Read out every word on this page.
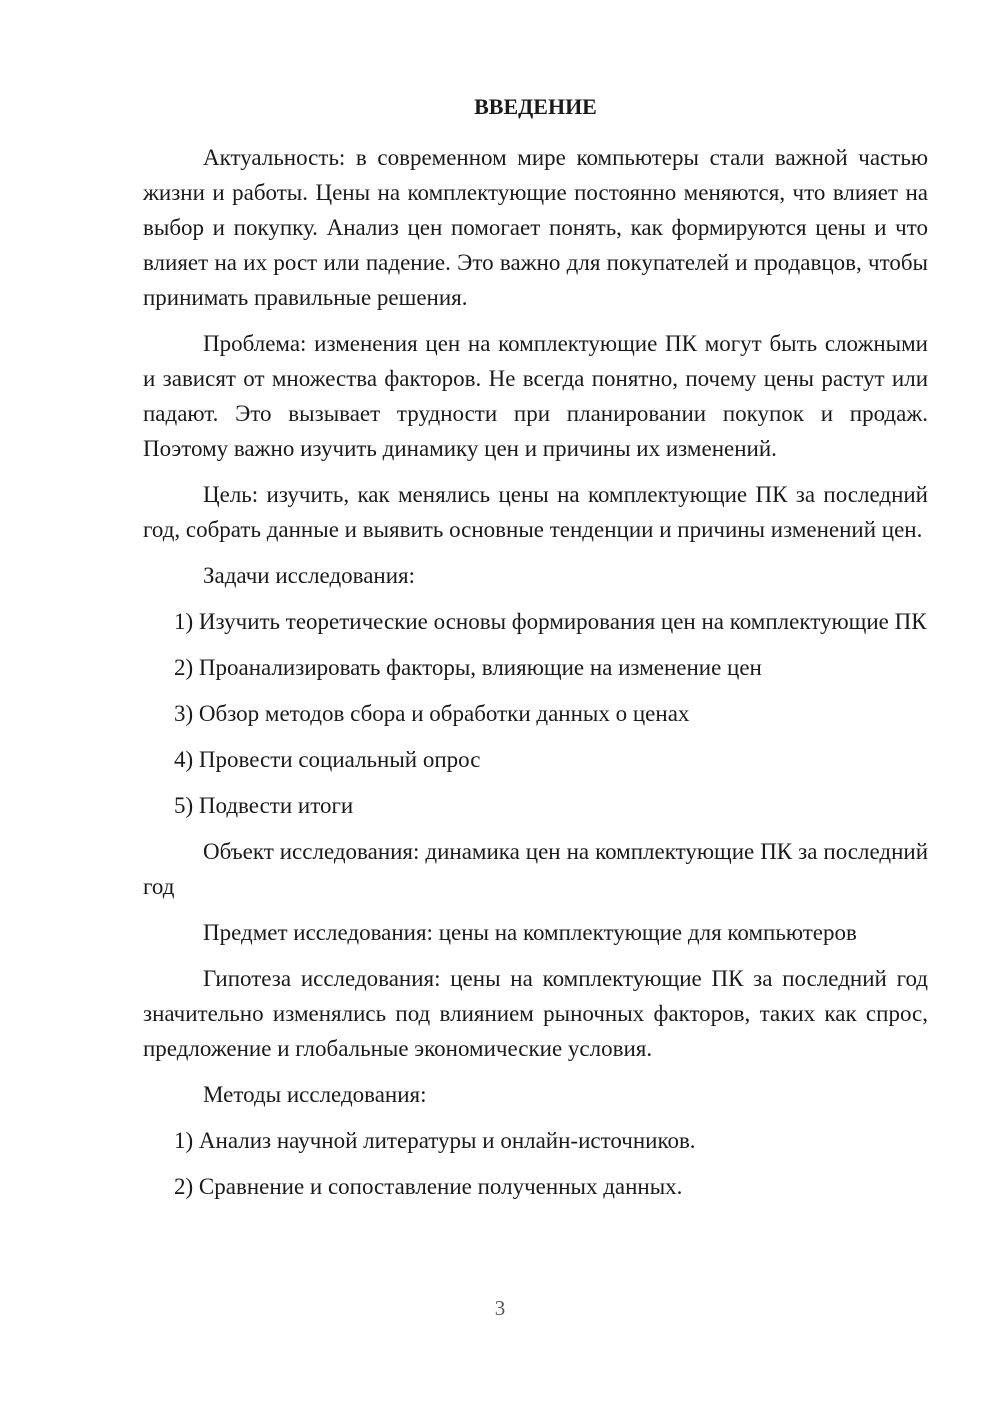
ВВЕДЕНИЕ

Актуальность: в современном мире компьютеры стали важной частью жизни и работы. Цены на комплектующие постоянно меняются, что влияет на выбор и покупку. Анализ цен помогает понять, как формируются цены и что влияет на их рост или падение. Это важно для покупателей и продавцов, чтобы принимать правильные решения.

Проблема: изменения цен на комплектующие ПК могут быть сложными и зависят от множества факторов. Не всегда понятно, почему цены растут или падают. Это вызывает трудности при планировании покупок и продаж. Поэтому важно изучить динамику цен и причины их изменений.

Цель: изучить, как менялись цены на комплектующие ПК за последний год, собрать данные и выявить основные тенденции и причины изменений цен.

Задачи исследования:

1) Изучить теоретические основы формирования цен на комплектующие ПК

2) Проанализировать факторы, влияющие на изменение цен

3) Обзор методов сбора и обработки данных о ценах

4) Провести социальный опрос

5) Подвести итоги

Объект исследования: динамика цен на комплектующие ПК за последний год

Предмет исследования: цены на комплектующие для компьютеров

Гипотеза исследования: цены на комплектующие ПК за последний год значительно изменялись под влиянием рыночных факторов, таких как спрос, предложение и глобальные экономические условия.

Методы исследования:

1) Анализ научной литературы и онлайн-источников.

2) Сравнение и сопоставление полученных данных.

3
